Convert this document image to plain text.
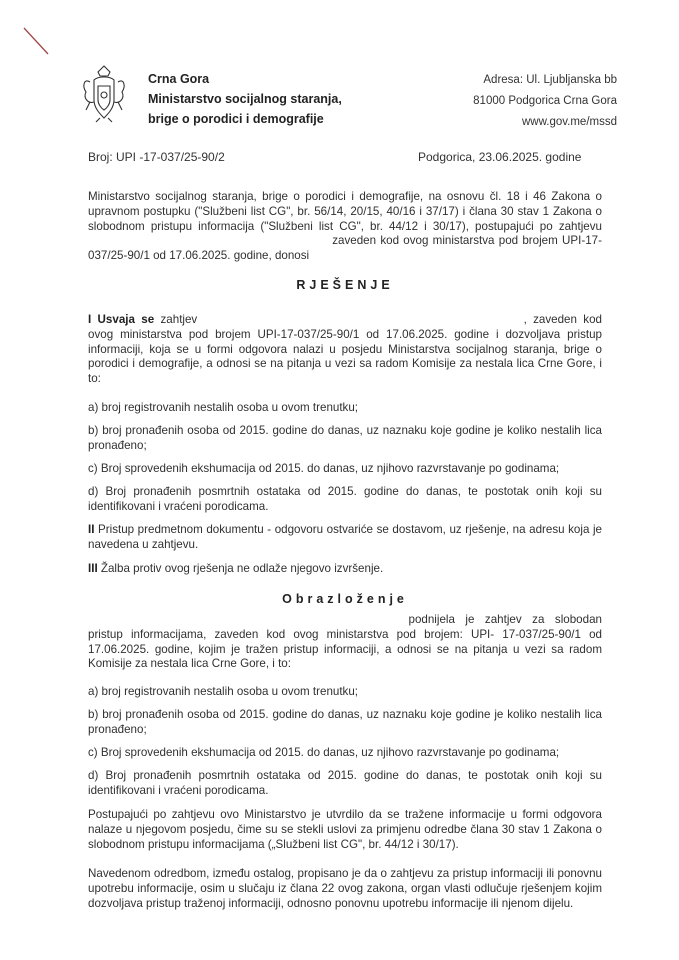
Crna Gora
Ministarstvo socijalnog staranja,
brige o porodici i demografije
Adresa: Ul. Ljubljanska bb
81000 Podgorica Crna Gora
www.gov.me/mssd
Broj: UPI -17-037/25-90/2	Podgorica, 23.06.2025. godine
Ministarstvo socijalnog staranja, brige o porodici i demografije, na osnovu čl. 18 i 46 Zakona o upravnom postupku ("Službeni list CG", br. 56/14, 20/15, 40/16 i 37/17) i člana 30 stav 1 Zakona o slobodnom pristupu informacija ("Službeni list CG", br. 44/12 i 30/17), postupajući po zahtjevu  zaveden kod ovog ministarstva pod brojem UPI-17-037/25-90/1 od 17.06.2025. godine, donosi
RJEŠENJE
I Usvaja se zahtjev	, zaveden kod ovog ministarstva pod brojem UPI-17-037/25-90/1 od 17.06.2025. godine i dozvoljava pristup informaciji, koja se u formi odgovora nalazi u posjedu Ministarstva socijalnog staranja, brige o porodici i demografije, a odnosi se na pitanja u vezi sa radom Komisije za nestala lica Crne Gore, i to:
a) broj registrovanih nestalih osoba u ovom trenutku;
b) broj pronađenih osoba od 2015. godine do danas, uz naznaku koje godine je koliko nestalih lica pronađeno;
c) Broj sprovedenih ekshumacija od 2015. do danas, uz njihovo razvrstavanje po godinama;
d) Broj pronađenih posmrtnih ostataka od 2015. godine do danas, te postotak onih koji su identifikovani i vraćeni porodicama.
II Pristup predmetnom dokumentu - odgovoru ostvariće se dostavom, uz rješenje, na adresu koja je navedena u zahtjevu.
III Žalba protiv ovog rješenja ne odlaže njegovo izvršenje.
Obrazloženje
podnijela je zahtjev za slobodan pristup informacijama, zaveden kod ovog ministarstva pod brojem: UPI- 17-037/25-90/1 od 17.06.2025. godine, kojim je tražen pristup informaciji, a odnosi se na pitanja u vezi sa radom Komisije za nestala lica Crne Gore, i to:
a) broj registrovanih nestalih osoba u ovom trenutku;
b) broj pronađenih osoba od 2015. godine do danas, uz naznaku koje godine je koliko nestalih lica pronađeno;
c) Broj sprovedenih ekshumacija od 2015. do danas, uz njihovo razvrstavanje po godinama;
d) Broj pronađenih posmrtnih ostataka od 2015. godine do danas, te postotak onih koji su identifikovani i vraćeni porodicama.
Postupajući po zahtjevu ovo Ministarstvo je utvrdilo da se tražene informacije u formi odgovora nalaze u njegovom posjedu, čime su se stekli uslovi za primjenu odredbe člana 30 stav 1 Zakona o slobodnom pristupu informacijama („Službeni list CG", br. 44/12 i 30/17).
Navedenom odredbom, između ostalog, propisano je da o zahtjevu za pristup informaciji ili ponovnu upotrebu informacije, osim u slučaju iz člana 22 ovog zakona, organ vlasti odlučuje rješenjem kojim dozvoljava pristup traženoj informaciji, odnosno ponovnu upotrebu informacije ili njenom dijelu.
